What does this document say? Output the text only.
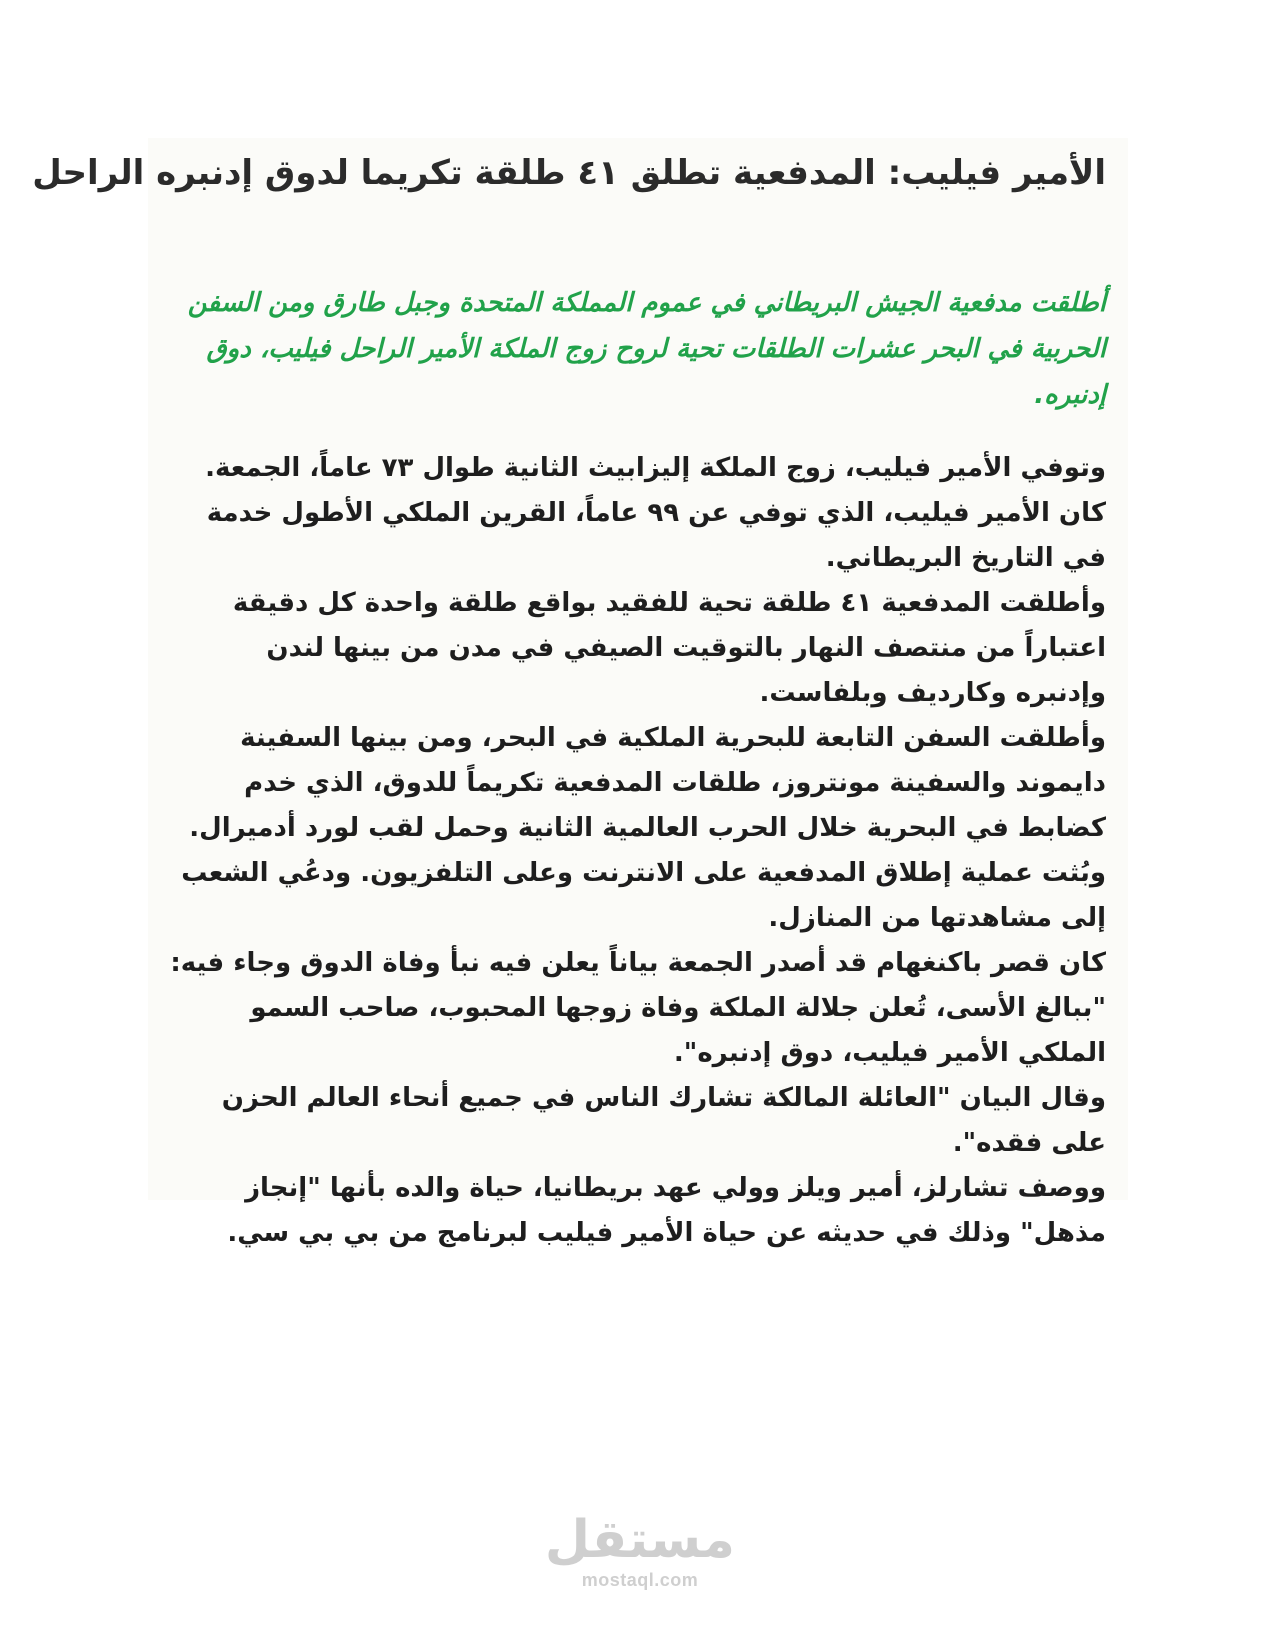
الأمير فيليب: المدفعية تطلق ٤١ طلقة تكريما لدوق إدنبره الراحل
أطلقت مدفعية الجيش البريطاني في عموم المملكة المتحدة وجبل طارق ومن السفن الحربية في البحر عشرات الطلقات تحية لروح زوج الملكة الأمير الراحل فيليب، دوق إدنبره.

وتوفي الأمير فيليب، زوج الملكة إليزابيث الثانية طوال ٧٣ عاماً، الجمعة.

كان الأمير فيليب، الذي توفي عن ٩٩ عاماً، القرين الملكي الأطول خدمة في التاريخ البريطاني.

وأطلقت المدفعية ٤١ طلقة تحية للفقيد بواقع طلقة واحدة كل دقيقة اعتباراً من منتصف النهار بالتوقيت الصيفي في مدن من بينها لندن وإدنبره وكارديف وبلفاست.

وأطلقت السفن التابعة للبحرية الملكية في البحر، ومن بينها السفينة دايموند والسفينة مونتروز، طلقات المدفعية تكريماً للدوق، الذي خدم كضابط في البحرية خلال الحرب العالمية الثانية وحمل لقب لورد أدميرال.

وبُثت عملية إطلاق المدفعية على الانترنت وعلى التلفزيون. ودعُي الشعب إلى مشاهدتها من المنازل.

كان قصر باكنغهام قد أصدر الجمعة بياناً يعلن فيه نبأ وفاة الدوق وجاء فيه: "ببالغ الأسى، تُعلن جلالة الملكة وفاة زوجها المحبوب، صاحب السمو الملكي الأمير فيليب، دوق إدنبره".

وقال البيان "العائلة المالكة تشارك الناس في جميع أنحاء العالم الحزن على فقده".

ووصف تشارلز، أمير ويلز وولي عهد بريطانيا، حياة والده بأنها "إنجاز مذهل" وذلك في حديثه عن حياة الأمير فيليب لبرنامج من بي بي سي.

مستقل
mostaql.com
